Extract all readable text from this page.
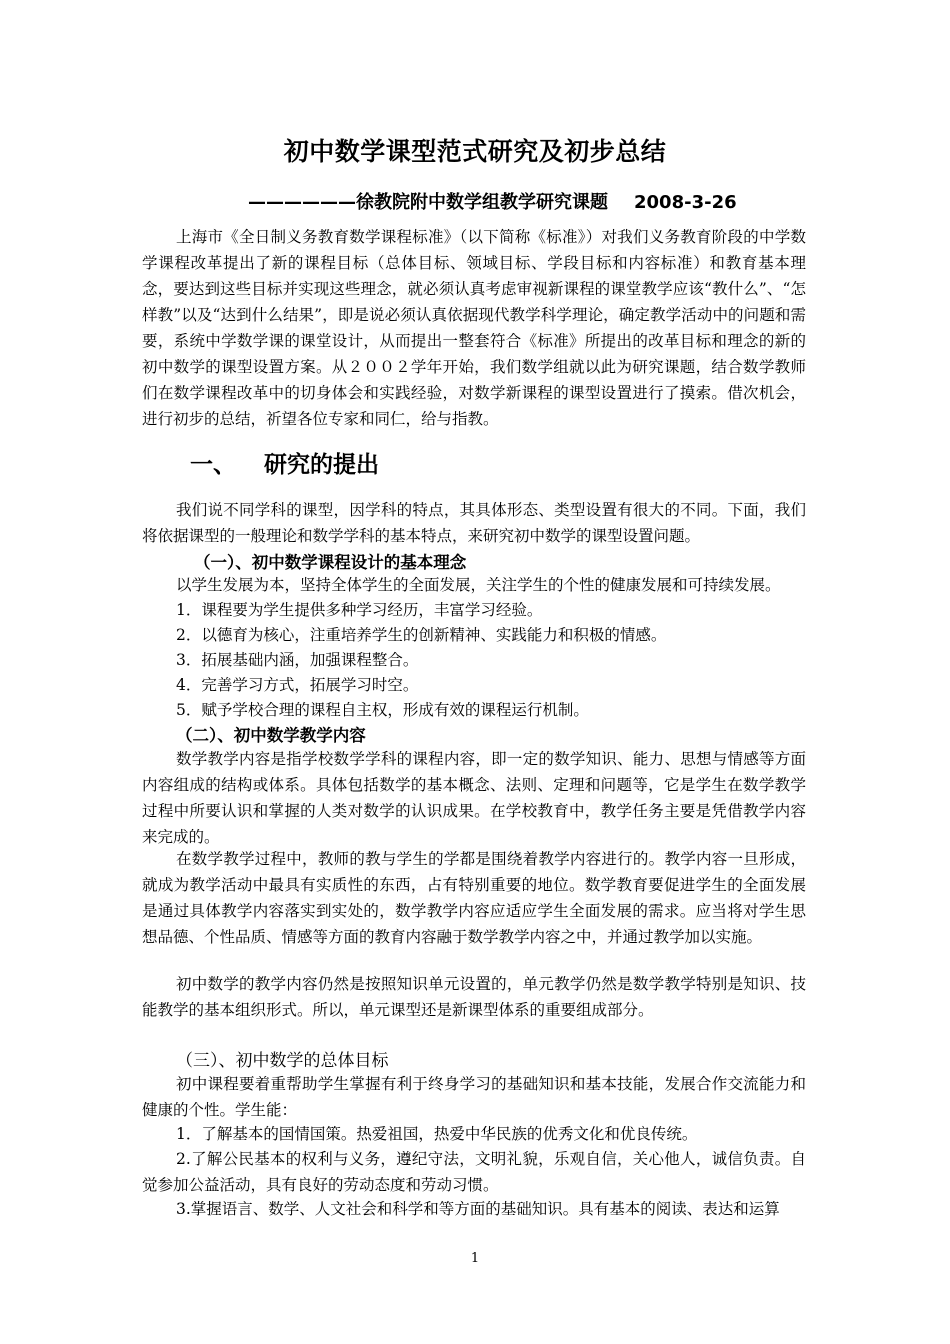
初中数学课型范式研究及初步总结
——————徐教院附中数学组教学研究课题 2008-3-26
上海市《全日制义务教育数学课程标准》（以下简称《标准》）对我们义务教育阶段的中学数学课程改革提出了新的课程目标（总体目标、领域目标、学段目标和内容标准）和教育基本理念，要达到这些目标并实现这些理念，就必须认真考虑审视新课程的课堂教学应该“教什么”、“怎样教”以及“达到什么结果”，即是说必须认真依据现代教学科学理论，确定教学活动中的问题和需要，系统中学数学课的课堂设计，从而提出一整套符合《标准》所提出的改革目标和理念的新的初中数学的课型设置方案。从２００２学年开始，我们数学组就以此为研究课题，结合数学教师们在数学课程改革中的切身体会和实践经验，对数学新课程的课型设置进行了摸索。借次机会，进行初步的总结，祈望各位专家和同仁，给与指教。
一、 研究的提出
我们说不同学科的课型，因学科的特点，其具体形态、类型设置有很大的不同。下面，我们将依据课型的一般理论和数学学科的基本特点，来研究初中数学的课型设置问题。
（一）、初中数学课程设计的基本理念
以学生发展为本，坚持全体学生的全面发展，关注学生的个性的健康发展和可持续发展。
1．课程要为学生提供多种学习经历，丰富学习经验。
2．以德育为核心，注重培养学生的创新精神、实践能力和积极的情感。
3．拓展基础内涵，加强课程整合。
4．完善学习方式，拓展学习时空。
5．赋予学校合理的课程自主权，形成有效的课程运行机制。
（二）、初中数学教学内容
数学教学内容是指学校数学学科的课程内容，即一定的数学知识、能力、思想与情感等方面内容组成的结构或体系。具体包括数学的基本概念、法则、定理和问题等，它是学生在数学教学过程中所要认识和掌握的人类对数学的认识成果。在学校教育中，教学任务主要是凭借教学内容来完成的。
在数学教学过程中，教师的教与学生的学都是围绕着教学内容进行的。教学内容一旦形成，就成为教学活动中最具有实质性的东西，占有特别重要的地位。数学教育要促进学生的全面发展是通过具体教学内容落实到实处的，数学教学内容应适应学生全面发展的需求。应当将对学生思想品德、个性品质、情感等方面的教育内容融于数学教学内容之中，并通过教学加以实施。
初中数学的教学内容仍然是按照知识单元设置的，单元教学仍然是数学教学特别是知识、技能教学的基本组织形式。所以，单元课型还是新课型体系的重要组成部分。
（三）、初中数学的总体目标
初中课程要着重帮助学生掌握有利于终身学习的基础知识和基本技能，发展合作交流能力和健康的个性。学生能：
1．了解基本的国情国策。热爱祖国，热爱中华民族的优秀文化和优良传统。
2.了解公民基本的权利与义务，遵纪守法，文明礼貌，乐观自信，关心他人，诚信负责。自觉参加公益活动，具有良好的劳动态度和劳动习惯。
3.掌握语言、数学、人文社会和科学和等方面的基础知识。具有基本的阅读、表达和运算
1
